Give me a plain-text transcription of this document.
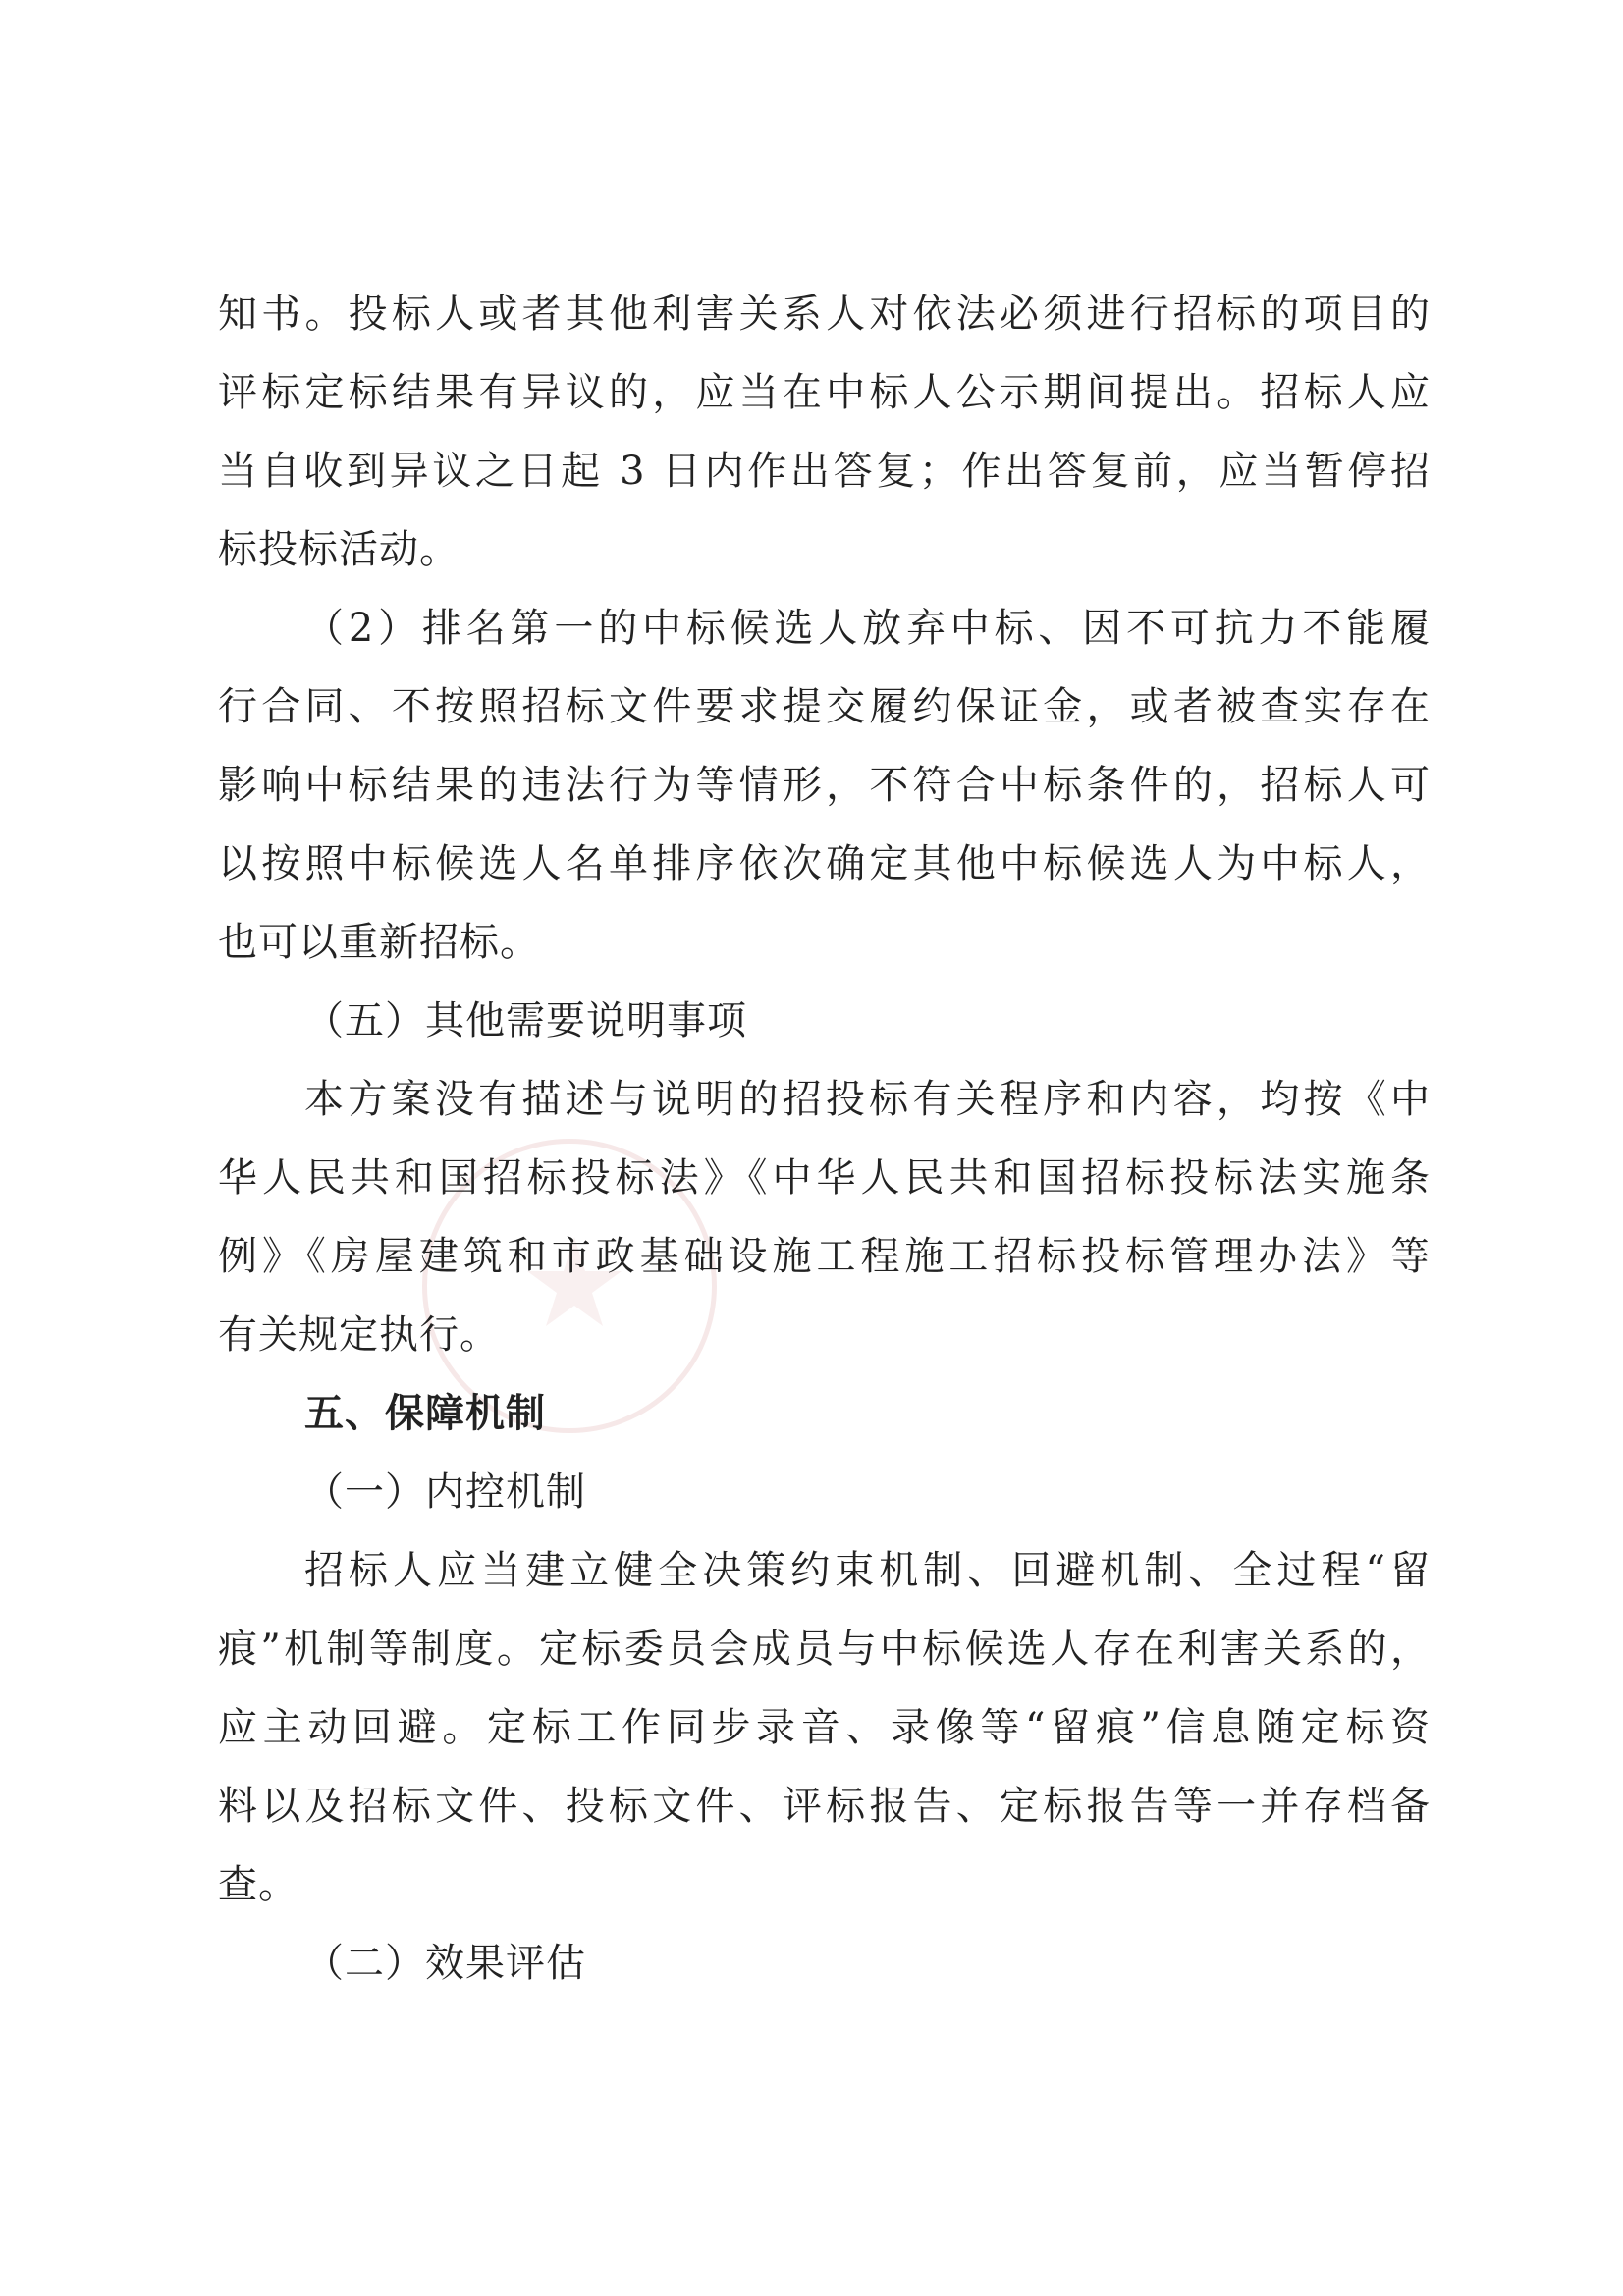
知书。投标人或者其他利害关系人对依法必须进行招标的项目的
评标定标结果有异议的，应当在中标人公示期间提出。招标人应
当自收到异议之日起 3 日内作出答复；作出答复前，应当暂停招
标投标活动。
（2）排名第一的中标候选人放弃中标、因不可抗力不能履
行合同、不按照招标文件要求提交履约保证金，或者被查实存在
影响中标结果的违法行为等情形，不符合中标条件的，招标人可
以按照中标候选人名单排序依次确定其他中标候选人为中标人，
也可以重新招标。
（五）其他需要说明事项
本方案没有描述与说明的招投标有关程序和内容，均按《中
华人民共和国招标投标法》《中华人民共和国招标投标法实施条
例》《房屋建筑和市政基础设施工程施工招标投标管理办法》等
有关规定执行。
五、保障机制
（一）内控机制
招标人应当建立健全决策约束机制、回避机制、全过程“留
痕”机制等制度。定标委员会成员与中标候选人存在利害关系的，
应主动回避。定标工作同步录音、录像等“留痕”信息随定标资
料以及招标文件、投标文件、评标报告、定标报告等一并存档备
查。
（二）效果评估
